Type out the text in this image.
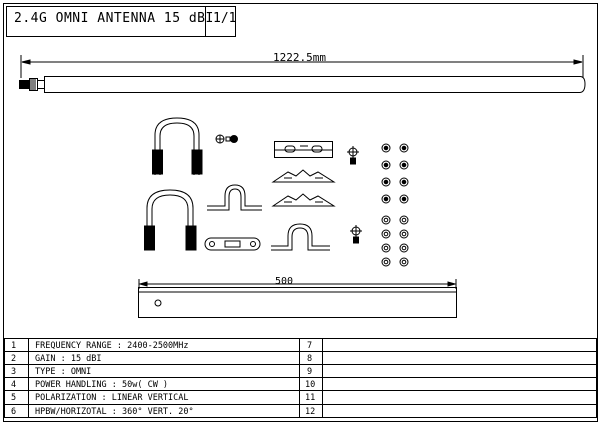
2.4G OMNI ANTENNA 15 dBI 1/1
1222.5mm
500
1 FREQUENCY RANGE : 2400-2500MHz	7
2 GAIN : 15 dBI	8
3 TYPE : OMNI	9
4 POWER HANDLING : 50w( CW )	10
5 POLARIZATION : LINEAR VERTICAL	11
6 HPBW/HORIZOTAL : 360° VERT. 20°	12
